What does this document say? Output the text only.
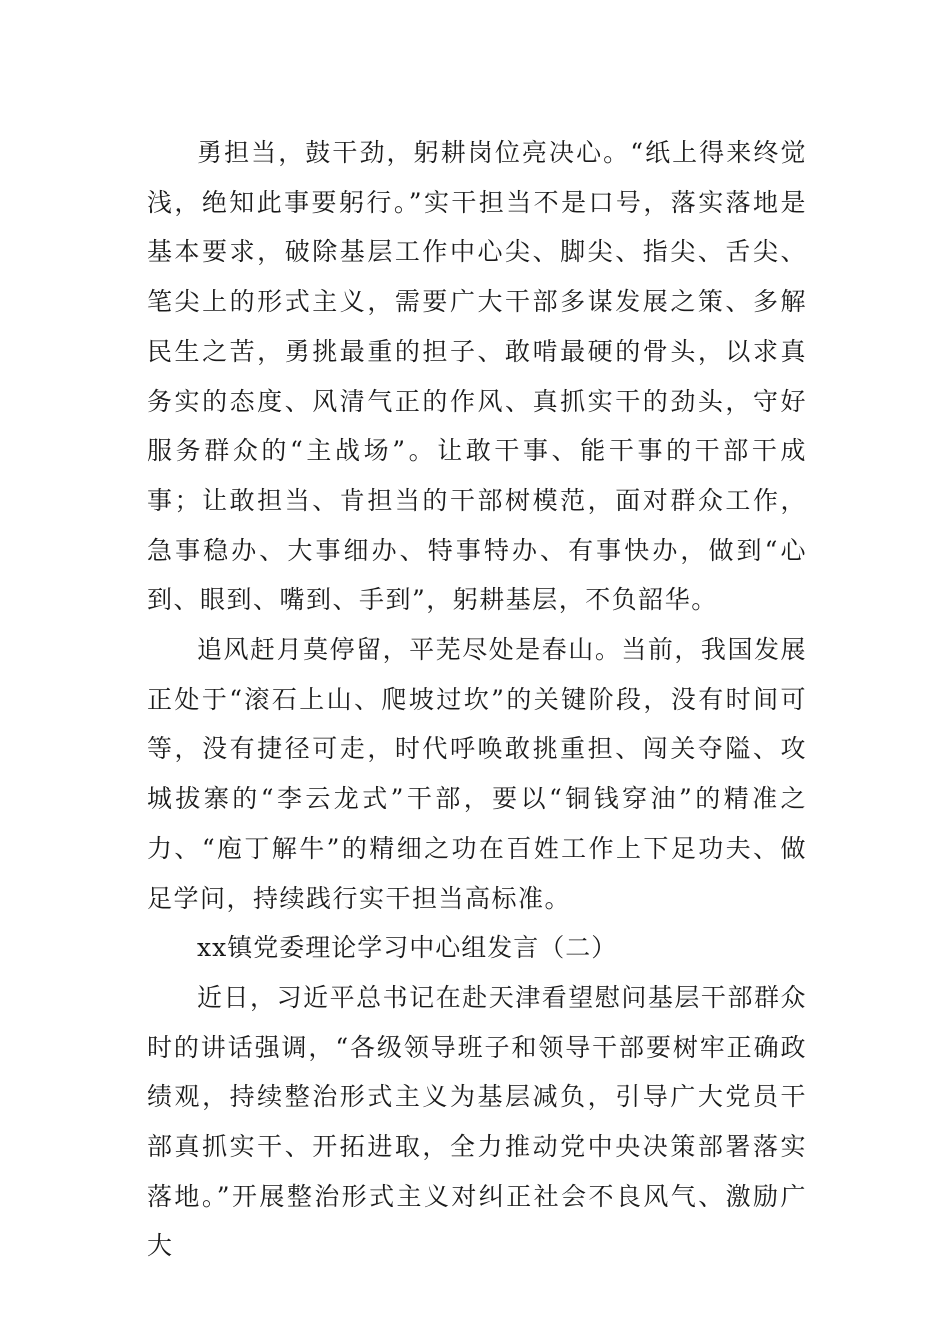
勇担当，鼓干劲，躬耕岗位亮决心。“纸上得来终觉浅，绝知此事要躬行。”实干担当不是口号，落实落地是基本要求，破除基层工作中心尖、脚尖、指尖、舌尖、笔尖上的形式主义，需要广大干部多谋发展之策、多解民生之苦，勇挑最重的担子、敢啃最硬的骨头，以求真务实的态度、风清气正的作风、真抓实干的劲头，守好服务群众的“主战场”。让敢干事、能干事的干部干成事；让敢担当、肯担当的干部树模范，面对群众工作，急事稳办、大事细办、特事特办、有事快办，做到“心到、眼到、嘴到、手到”，躬耕基层，不负韶华。

追风赶月莫停留，平芜尽处是春山。当前，我国发展正处于“滚石上山、爬坡过坎”的关键阶段，没有时间可等，没有捷径可走，时代呼唤敢挑重担、闯关夺隘、攻城拔寨的“李云龙式”干部，要以“铜钱穿油”的精准之力、“庖丁解牛”的精细之功在百姓工作上下足功夫、做足学问，持续践行实干担当高标准。

xx镇党委理论学习中心组发言（二）

近日，习近平总书记在赴天津看望慰问基层干部群众时的讲话强调，“各级领导班子和领导干部要树牢正确政绩观，持续整治形式主义为基层减负，引导广大党员干部真抓实干、开拓进取，全力推动党中央决策部署落实落地。”开展整治形式主义对纠正社会不良风气、激励广大
